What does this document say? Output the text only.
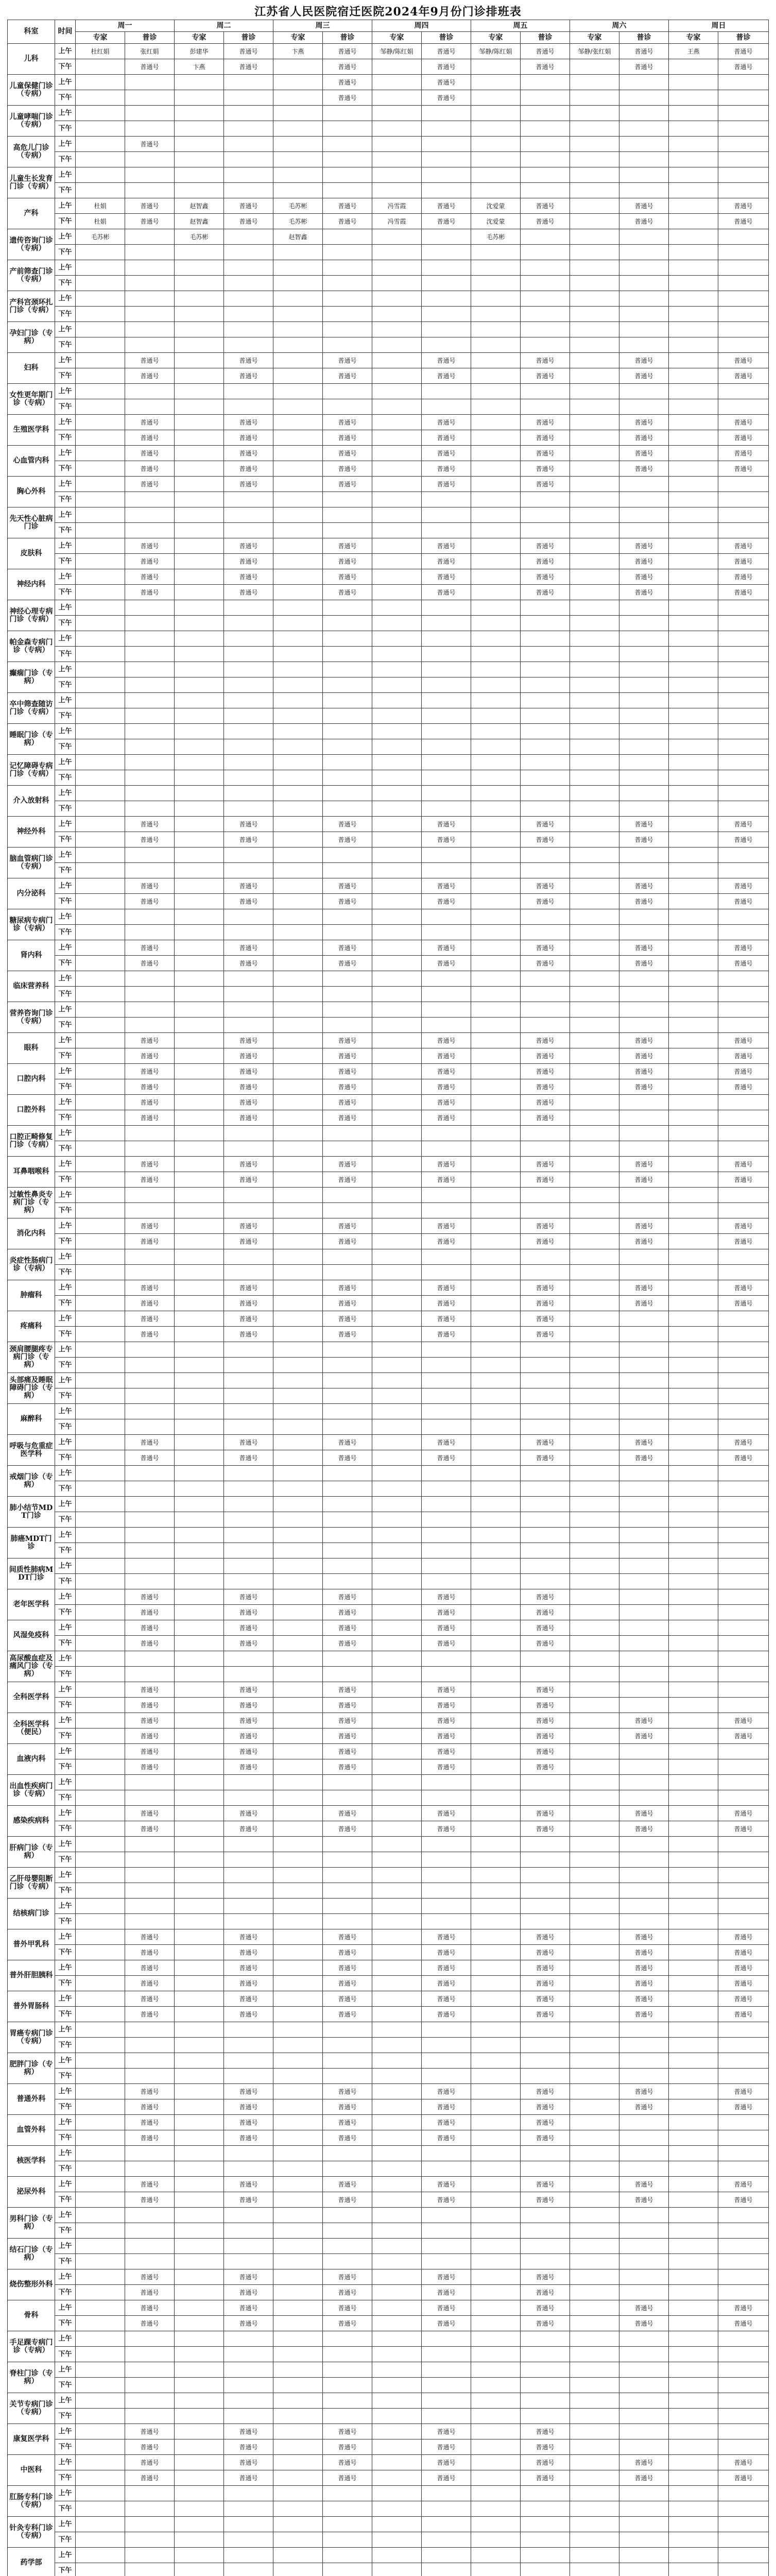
江苏省人民医院宿迁医院2024年9月份门诊排班表
科室	时间	周一		周二		周三		周四		周五		周六		周日	
		专家	普诊	专家	普诊	专家	普诊	专家	普诊	专家	普诊	专家	普诊	专家	普诊
儿科	上午	杜红娟	张红娟	彭建华	普通号	卞燕	普通号	邹静/陈红娟	普通号	邹静/陈红娟	普通号	邹静/张红娟	普通号	王燕	普通号
	下午		普通号	卞燕	普通号		普通号		普通号		普通号		普通号		普通号
儿童保健门诊（专病）	上午						普通号		普通号						
	下午						普通号		普通号						
儿童哮喘门诊（专病）	上午														
	下午														
高危儿门诊（专病）	上午		普通号												
	下午														
儿童生长发育门诊（专病）	上午														
	下午														
产科	上午	杜娟	普通号	赵智鑫	普通号	毛苏彬	普通号	冯雪霞	普通号	沈爱蒙	普通号		普通号		普通号
	下午	杜娟	普通号	赵智鑫	普通号	毛苏彬	普通号	冯雪霞	普通号	沈爱蒙	普通号		普通号		普通号
遗传咨询门诊（专病）	上午	毛苏彬		毛苏彬		赵智鑫				毛苏彬					
	下午														
产前筛查门诊（专病）	上午														
	下午														
产科宫颈环扎门诊（专病）	上午														
	下午														
孕妇门诊（专病）	上午														
	下午														
妇科	上午		普通号		普通号		普通号		普通号		普通号		普通号		普通号
	下午		普通号		普通号		普通号		普通号		普通号		普通号		普通号
女性更年期门诊（专病）	上午														
	下午														
生殖医学科	上午		普通号		普通号		普通号		普通号		普通号		普通号		普通号
	下午		普通号		普通号		普通号		普通号		普通号		普通号		普通号
心血管内科	上午		普通号		普通号		普通号		普通号		普通号		普通号		普通号
	下午		普通号		普通号		普通号		普通号		普通号		普通号		普通号
胸心外科	上午		普通号		普通号		普通号		普通号		普通号				
	下午														
先天性心脏病门诊	上午														
	下午														
皮肤科	上午		普通号		普通号		普通号		普通号		普通号		普通号		普通号
	下午		普通号		普通号		普通号		普通号		普通号		普通号		普通号
神经内科	上午		普通号		普通号		普通号		普通号		普通号		普通号		普通号
	下午		普通号		普通号		普通号		普通号		普通号		普通号		普通号
神经心理专病门诊（专病）	上午														
	下午														
帕金森专病门诊（专病）	上午														
	下午														
癫痫门诊（专病）	上午														
	下午														
卒中筛查随访门诊（专病）	上午														
	下午														
睡眠门诊（专病）	上午														
	下午														
记忆障碍专病门诊（专病）	上午														
	下午														
介入放射科	上午														
	下午														
神经外科	上午		普通号		普通号		普通号		普通号		普通号		普通号		普通号
	下午		普通号		普通号		普通号		普通号		普通号		普通号		普通号
脑血管病门诊（专病）	上午														
	下午														
内分泌科	上午		普通号		普通号		普通号		普通号		普通号		普通号		普通号
	下午		普通号		普通号		普通号		普通号		普通号		普通号		普通号
糖尿病专病门诊（专病）	上午														
	下午														
肾内科	上午		普通号		普通号		普通号		普通号		普通号		普通号		普通号
	下午		普通号		普通号		普通号		普通号		普通号		普通号		普通号
临床营养科	上午														
	下午														
营养咨询门诊（专病）	上午														
	下午														
眼科	上午		普通号		普通号		普通号		普通号		普通号		普通号		普通号
	下午		普通号		普通号		普通号		普通号		普通号		普通号		普通号
口腔内科	上午		普通号		普通号		普通号		普通号		普通号		普通号		普通号
	下午		普通号		普通号		普通号		普通号		普通号		普通号		普通号
口腔外科	上午		普通号		普通号		普通号		普通号		普通号				
	下午		普通号		普通号		普通号		普通号		普通号				
口腔正畸修复门诊（专病）	上午														
	下午														
耳鼻咽喉科	上午		普通号		普通号		普通号		普通号		普通号		普通号		普通号
	下午		普通号		普通号		普通号		普通号		普通号		普通号		普通号
过敏性鼻炎专病门诊（专病）	上午														
	下午														
消化内科	上午		普通号		普通号		普通号		普通号		普通号		普通号		普通号
	下午		普通号		普通号		普通号		普通号		普通号		普通号		普通号
炎症性肠病门诊（专病）	上午														
	下午														
肿瘤科	上午		普通号		普通号		普通号		普通号		普通号		普通号		普通号
	下午		普通号		普通号		普通号		普通号		普通号		普通号		普通号
疼痛科	上午		普通号		普通号		普通号		普通号		普通号				
	下午		普通号		普通号		普通号		普通号		普通号				
颈肩腰腿疼专病门诊（专病）	上午														
	下午														
头部痛及睡眠障碍门诊（专病）	上午														
	下午														
麻醉科	上午														
	下午														
呼吸与危重症医学科	上午		普通号		普通号		普通号		普通号		普通号		普通号		普通号
	下午		普通号		普通号		普通号		普通号		普通号		普通号		普通号
戒烟门诊（专病）	上午														
	下午														
肺小结节MDT门诊	上午														
	下午														
肺癌MDT门诊	上午														
	下午														
间质性肺病MDT门诊	上午														
	下午														
老年医学科	上午		普通号		普通号		普通号		普通号		普通号				
	下午		普通号		普通号		普通号		普通号		普通号				
风湿免疫科	上午		普通号		普通号		普通号		普通号		普通号				
	下午		普通号		普通号		普通号		普通号		普通号				
高尿酸血症及痛风门诊（专病）	上午														
	下午														
全科医学科	上午		普通号		普通号		普通号		普通号		普通号				
	下午		普通号		普通号		普通号		普通号		普通号				
全科医学科（便民）	上午		普通号		普通号		普通号		普通号		普通号		普通号		普通号
	下午		普通号		普通号		普通号		普通号		普通号		普通号		普通号
血液内科	上午		普通号		普通号		普通号		普通号		普通号				
	下午		普通号		普通号		普通号		普通号		普通号				
出血性疾病门诊（专病）	上午														
	下午														
感染疾病科	上午		普通号		普通号		普通号		普通号		普通号		普通号		普通号
	下午		普通号		普通号		普通号		普通号		普通号		普通号		普通号
肝病门诊（专病）	上午														
	下午														
乙肝母婴阻断门诊（专病）	上午														
	下午														
结核病门诊	上午														
	下午														
普外甲乳科	上午		普通号		普通号		普通号		普通号		普通号		普通号		普通号
	下午		普通号		普通号		普通号		普通号		普通号		普通号		普通号
普外肝胆胰科	上午		普通号		普通号		普通号		普通号		普通号		普通号		普通号
	下午		普通号		普通号		普通号		普通号		普通号		普通号		普通号
普外胃肠科	上午		普通号		普通号		普通号		普通号		普通号		普通号		普通号
	下午		普通号		普通号		普通号		普通号		普通号		普通号		普通号
胃癌专病门诊（专病）	上午														
	下午														
肥胖门诊（专病）	上午														
	下午														
普通外科	上午		普通号		普通号		普通号		普通号		普通号		普通号		普通号
	下午		普通号		普通号		普通号		普通号		普通号		普通号		普通号
血管外科	上午		普通号		普通号		普通号		普通号		普通号				
	下午		普通号		普通号		普通号		普通号		普通号				
核医学科	上午														
	下午														
泌尿外科	上午		普通号		普通号		普通号		普通号		普通号		普通号		普通号
	下午		普通号		普通号		普通号		普通号		普通号		普通号		普通号
男科门诊（专病）	上午														
	下午														
结石门诊（专病）	上午														
	下午														
烧伤整形外科	上午		普通号		普通号		普通号		普通号		普通号				
	下午		普通号		普通号		普通号		普通号		普通号				
骨科	上午		普通号		普通号		普通号		普通号		普通号		普通号		普通号
	下午		普通号		普通号		普通号		普通号		普通号		普通号		普通号
手足踝专病门诊（专病）	上午														
	下午														
脊柱门诊（专病）	上午														
	下午														
关节专病门诊（专病）	上午														
	下午														
康复医学科	上午		普通号		普通号		普通号		普通号		普通号				
	下午		普通号		普通号		普通号		普通号		普通号				
中医科	上午		普通号		普通号		普通号		普通号		普通号		普通号		普通号
	下午		普通号		普通号		普通号		普通号		普通号		普通号		普通号
肛肠专科门诊（专病）	上午														
	下午														
针灸专科门诊（专病）	上午														
	下午														
药学部	上午														
	下午														
